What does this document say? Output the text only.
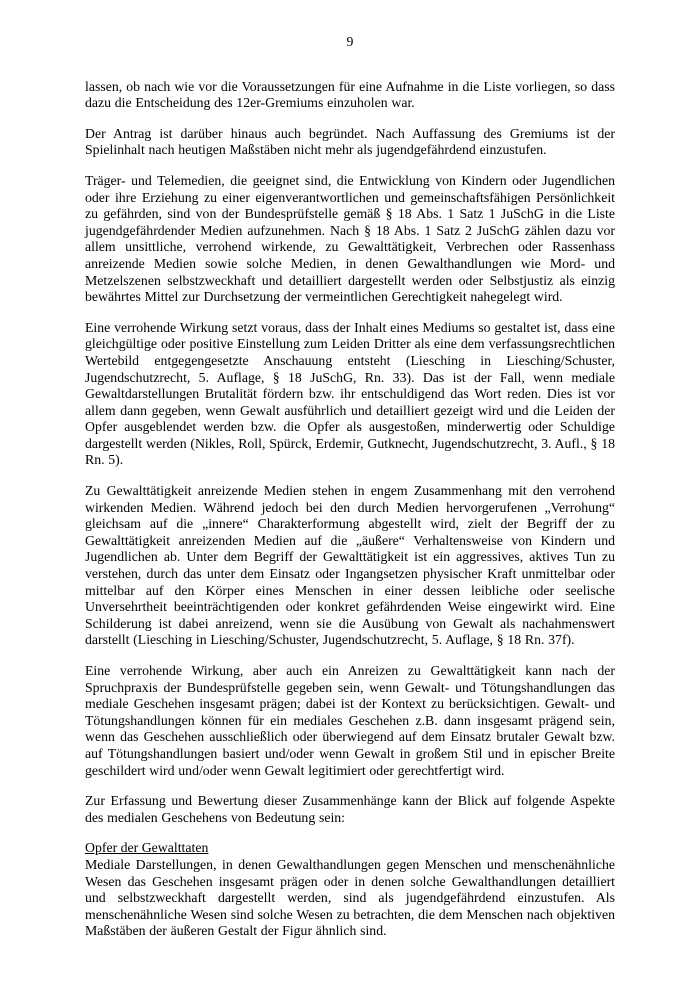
9

lassen, ob nach wie vor die Voraussetzungen für eine Aufnahme in die Liste vorliegen, so dass dazu die Entscheidung des 12er-Gremiums einzuholen war.

Der Antrag ist darüber hinaus auch begründet. Nach Auffassung des Gremiums ist der Spielinhalt nach heutigen Maßstäben nicht mehr als jugendgefährdend einzustufen.

Träger- und Telemedien, die geeignet sind, die Entwicklung von Kindern oder Jugendlichen oder ihre Erziehung zu einer eigenverantwortlichen und gemeinschaftsfähigen Persönlichkeit zu gefährden, sind von der Bundesprüfstelle gemäß § 18 Abs. 1 Satz 1 JuSchG in die Liste jugendgefährdender Medien aufzunehmen. Nach § 18 Abs. 1 Satz 2 JuSchG zählen dazu vor allem unsittliche, verrohend wirkende, zu Gewalttätigkeit, Verbrechen oder Rassenhass anreizende Medien sowie solche Medien, in denen Gewalthandlungen wie Mord- und Metzelszenen selbstzweckhaft und detailliert dargestellt werden oder Selbstjustiz als einzig bewährtes Mittel zur Durchsetzung der vermeintlichen Gerechtigkeit nahegelegt wird.

Eine verrohende Wirkung setzt voraus, dass der Inhalt eines Mediums so gestaltet ist, dass eine gleichgültige oder positive Einstellung zum Leiden Dritter als eine dem verfassungsrechtlichen Wertebild entgegengesetzte Anschauung entsteht (Liesching in Liesching/Schuster, Jugendschutzrecht, 5. Auflage, § 18 JuSchG, Rn. 33). Das ist der Fall, wenn mediale Gewaltdarstellungen Brutalität fördern bzw. ihr entschuldigend das Wort reden. Dies ist vor allem dann gegeben, wenn Gewalt ausführlich und detailliert gezeigt wird und die Leiden der Opfer ausgeblendet werden bzw. die Opfer als ausgestoßen, minderwertig oder Schuldige dargestellt werden (Nikles, Roll, Spürck, Erdemir, Gutknecht, Jugendschutzrecht, 3. Aufl., § 18 Rn. 5).

Zu Gewalttätigkeit anreizende Medien stehen in engem Zusammenhang mit den verrohend wirkenden Medien. Während jedoch bei den durch Medien hervorgerufenen „Verrohung“ gleichsam auf die „innere“ Charakterformung abgestellt wird, zielt der Begriff der zu Gewalttätigkeit anreizenden Medien auf die „äußere“ Verhaltensweise von Kindern und Jugendlichen ab. Unter dem Begriff der Gewalttätigkeit ist ein aggressives, aktives Tun zu verstehen, durch das unter dem Einsatz oder Ingangsetzen physischer Kraft unmittelbar oder mittelbar auf den Körper eines Menschen in einer dessen leibliche oder seelische Unversehrtheit beeinträchtigenden oder konkret gefährdenden Weise eingewirkt wird. Eine Schilderung ist dabei anreizend, wenn sie die Ausübung von Gewalt als nachahmenswert darstellt (Liesching in Liesching/Schuster, Jugendschutzrecht, 5. Auflage, § 18 Rn. 37f).

Eine verrohende Wirkung, aber auch ein Anreizen zu Gewalttätigkeit kann nach der Spruchpraxis der Bundesprüfstelle gegeben sein, wenn Gewalt- und Tötungshandlungen das mediale Geschehen insgesamt prägen; dabei ist der Kontext zu berücksichtigen. Gewalt- und Tötungshandlungen können für ein mediales Geschehen z.B. dann insgesamt prägend sein, wenn das Geschehen ausschließlich oder überwiegend auf dem Einsatz brutaler Gewalt bzw. auf Tötungshandlungen basiert und/oder wenn Gewalt in großem Stil und in epischer Breite geschildert wird und/oder wenn Gewalt legitimiert oder gerechtfertigt wird.

Zur Erfassung und Bewertung dieser Zusammenhänge kann der Blick auf folgende Aspekte des medialen Geschehens von Bedeutung sein:

Opfer der Gewalttaten

Mediale Darstellungen, in denen Gewalthandlungen gegen Menschen und menschenähnliche Wesen das Geschehen insgesamt prägen oder in denen solche Gewalthandlungen detailliert und selbstzweckhaft dargestellt werden, sind als jugendgefährdend einzustufen. Als menschenähnliche Wesen sind solche Wesen zu betrachten, die dem Menschen nach objektiven Maßstäben der äußeren Gestalt der Figur ähnlich sind.
